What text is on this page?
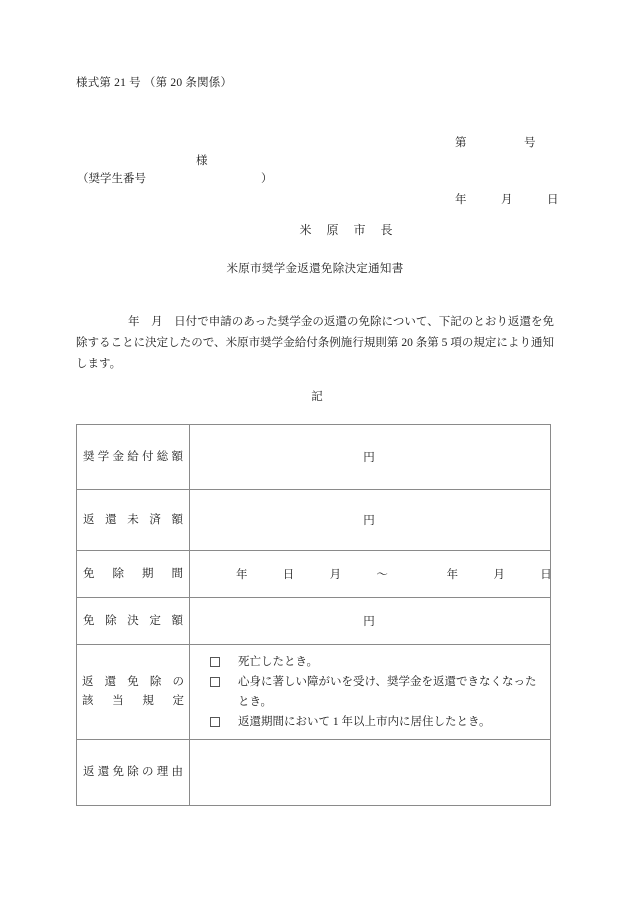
様式第 21 号 （第 20 条関係）

第　　　　　号

年　　　月　　　日

様
（奨学生番号　　　　　　　　　　）

米 原 市 長

米原市奨学金返還免除決定通知書
年　月　日付で申請のあった奨学金の返還の免除について、下記のとおり返還を免除することに決定したので、米原市奨学金給付条例施行規則第 20 条第 5 項の規定により通知します。
記
奨学金給付総額	円

返還未済額	円

免除期間	年　　　日　　　月　　　～　　　　　年　　　月　　　日

免除決定額	円

返還免除の
該当規定	死亡したとき。
心身に著しい障がいを受け、奨学金を返還できなくなったとき。
返還期間において 1 年以上市内に居住したとき。

返還免除の理由	
